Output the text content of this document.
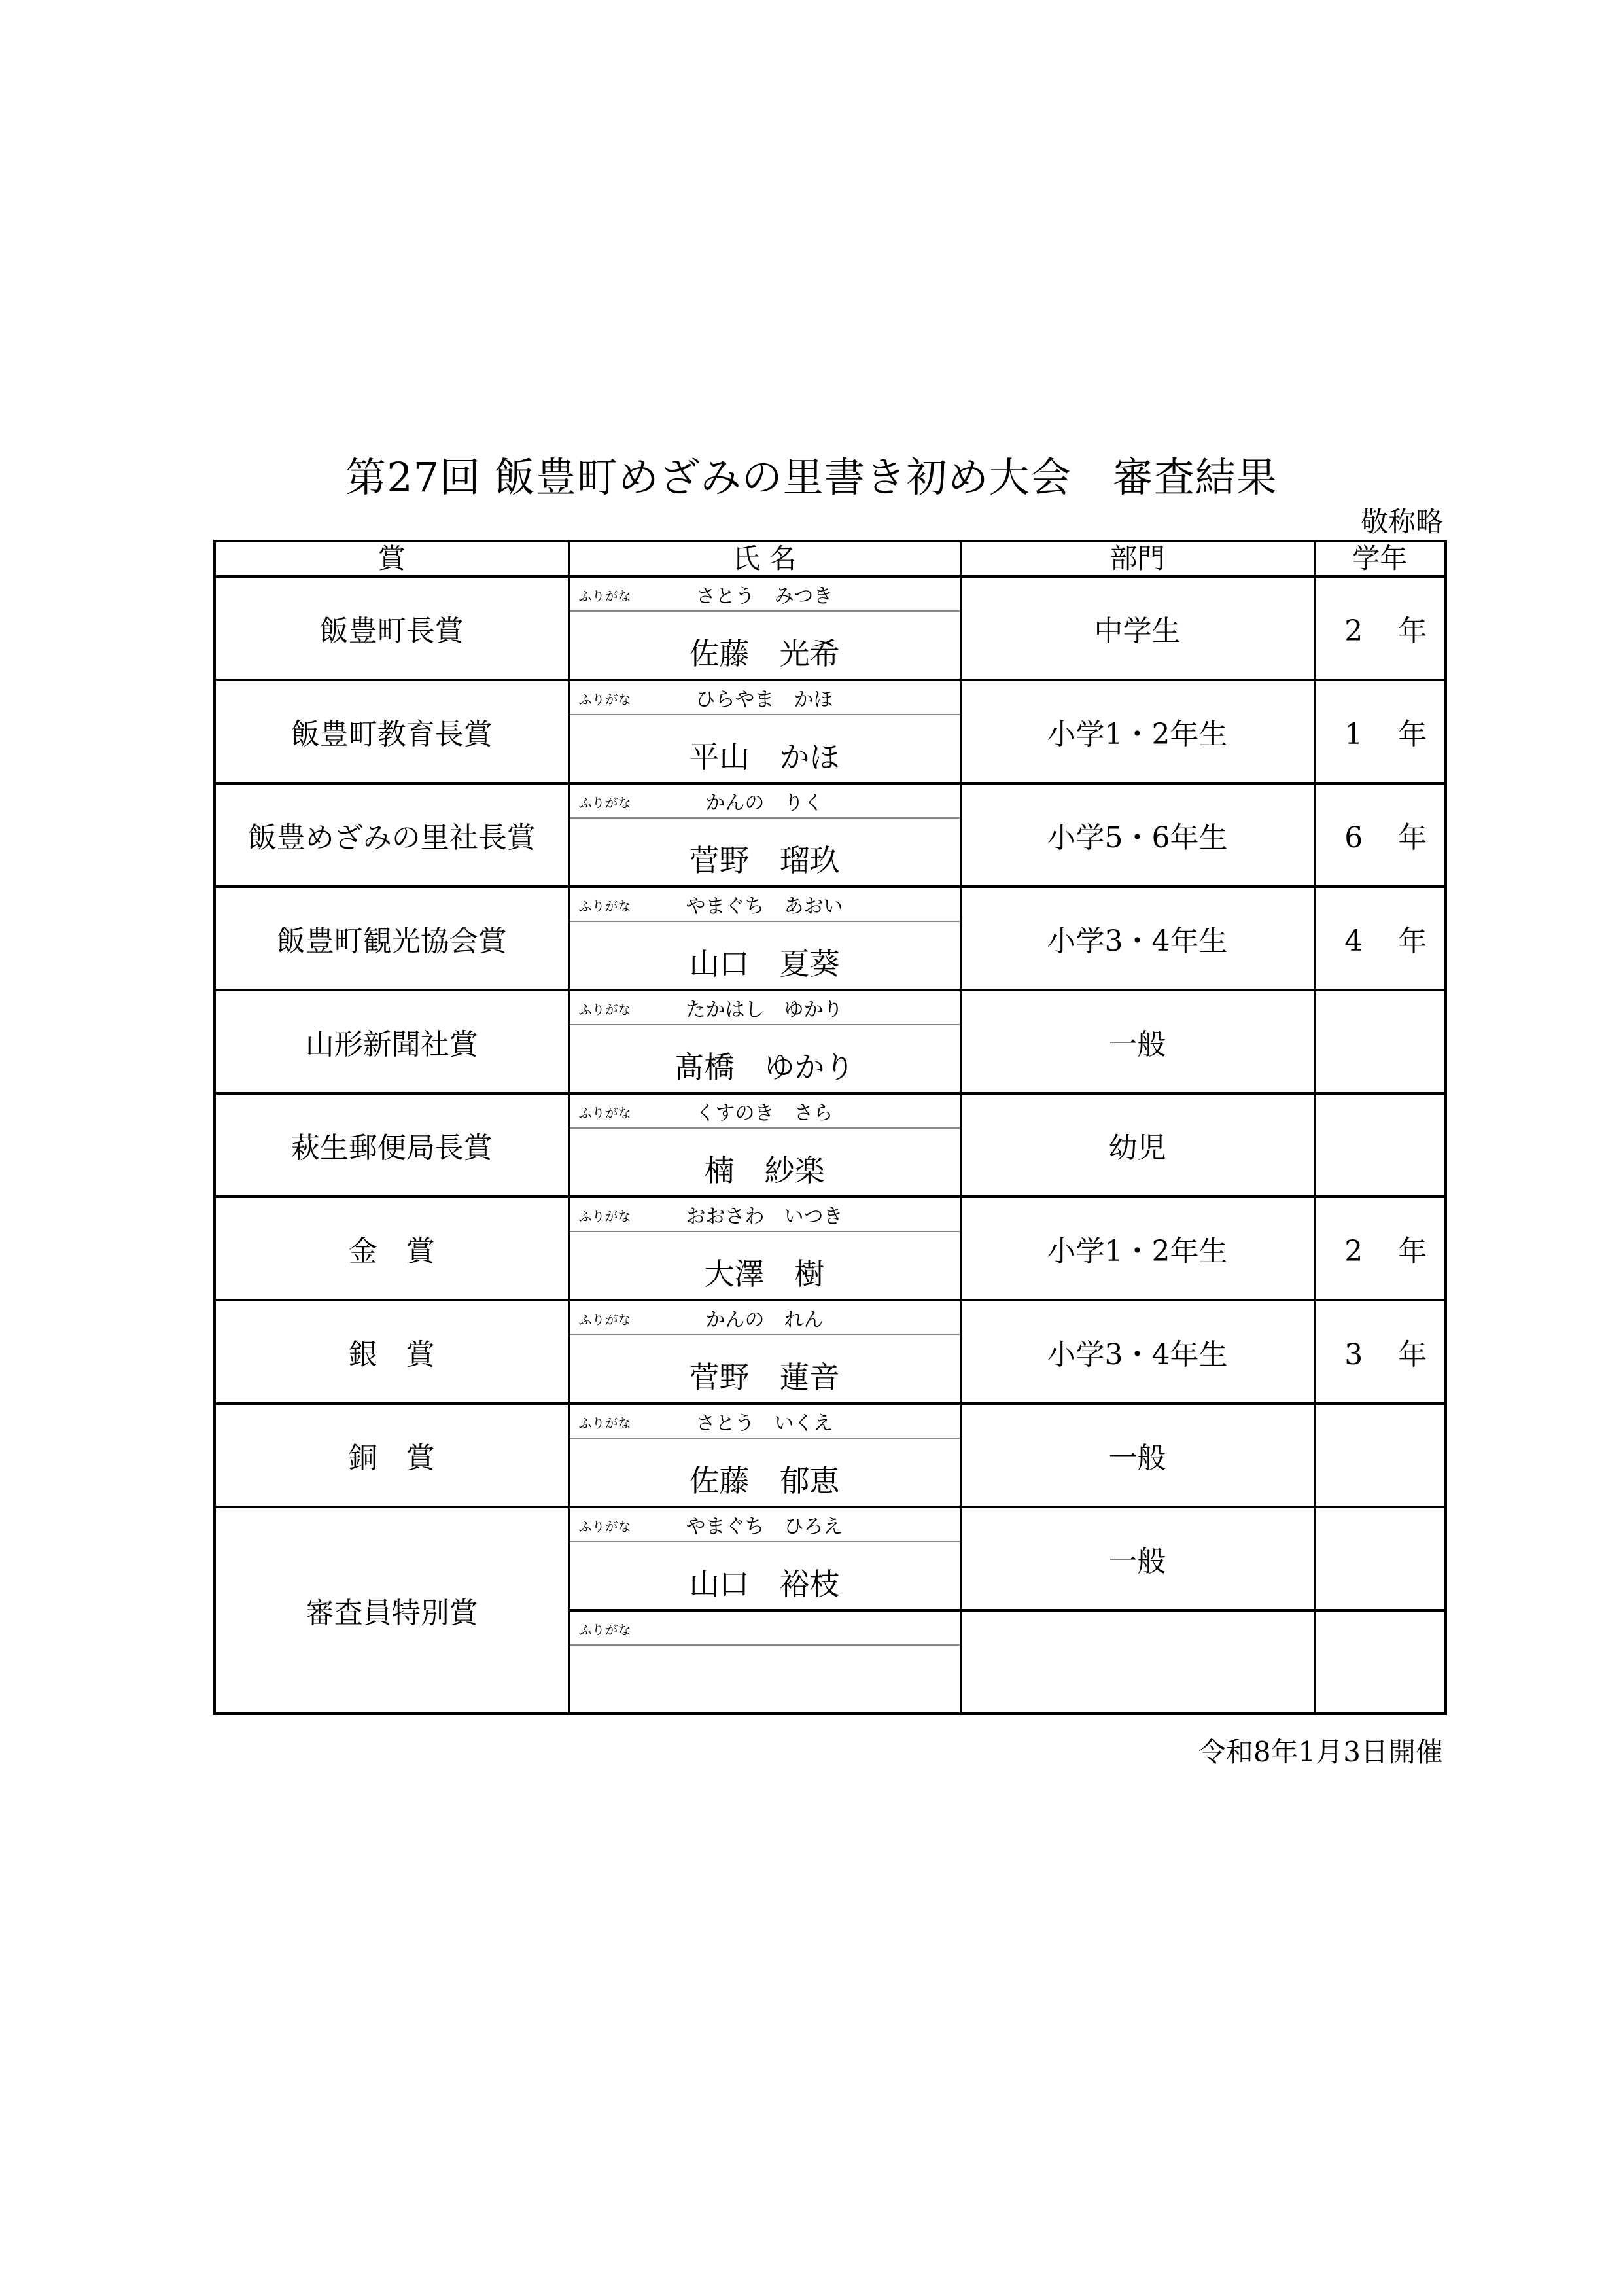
第27回 飯豊町めざみの里書き初め大会　審査結果
敬称略
賞	氏 名	部門	学年
飯豊町長賞	ふりがな さとう　みつき	中学生	2 年
	佐藤　光希		
飯豊町教育長賞	ふりがな ひらやま　かほ	小学1・2年生	1 年
	平山　かほ		
飯豊めざみの里社長賞	ふりがな かんの　りく	小学5・6年生	6 年
	菅野　瑠玖		
飯豊町観光協会賞	ふりがな やまぐち　あおい	小学3・4年生	4 年
	山口　夏葵		
山形新聞社賞	ふりがな たかはし　ゆかり	一般	
	髙橋　ゆかり		
萩生郵便局長賞	ふりがな くすのき　さら	幼児	
	楠　紗楽		
金　賞	ふりがな おおさわ　いつき	小学1・2年生	2 年
	大澤　樹		
銀　賞	ふりがな かんの　れん	小学3・4年生	3 年
	菅野　蓮音		
銅　賞	ふりがな さとう　いくえ	一般	
	佐藤　郁恵		
審査員特別賞	ふりがな やまぐち　ひろえ	一般	
	山口　裕枝		

	ふりがな		

令和8年1月3日開催
